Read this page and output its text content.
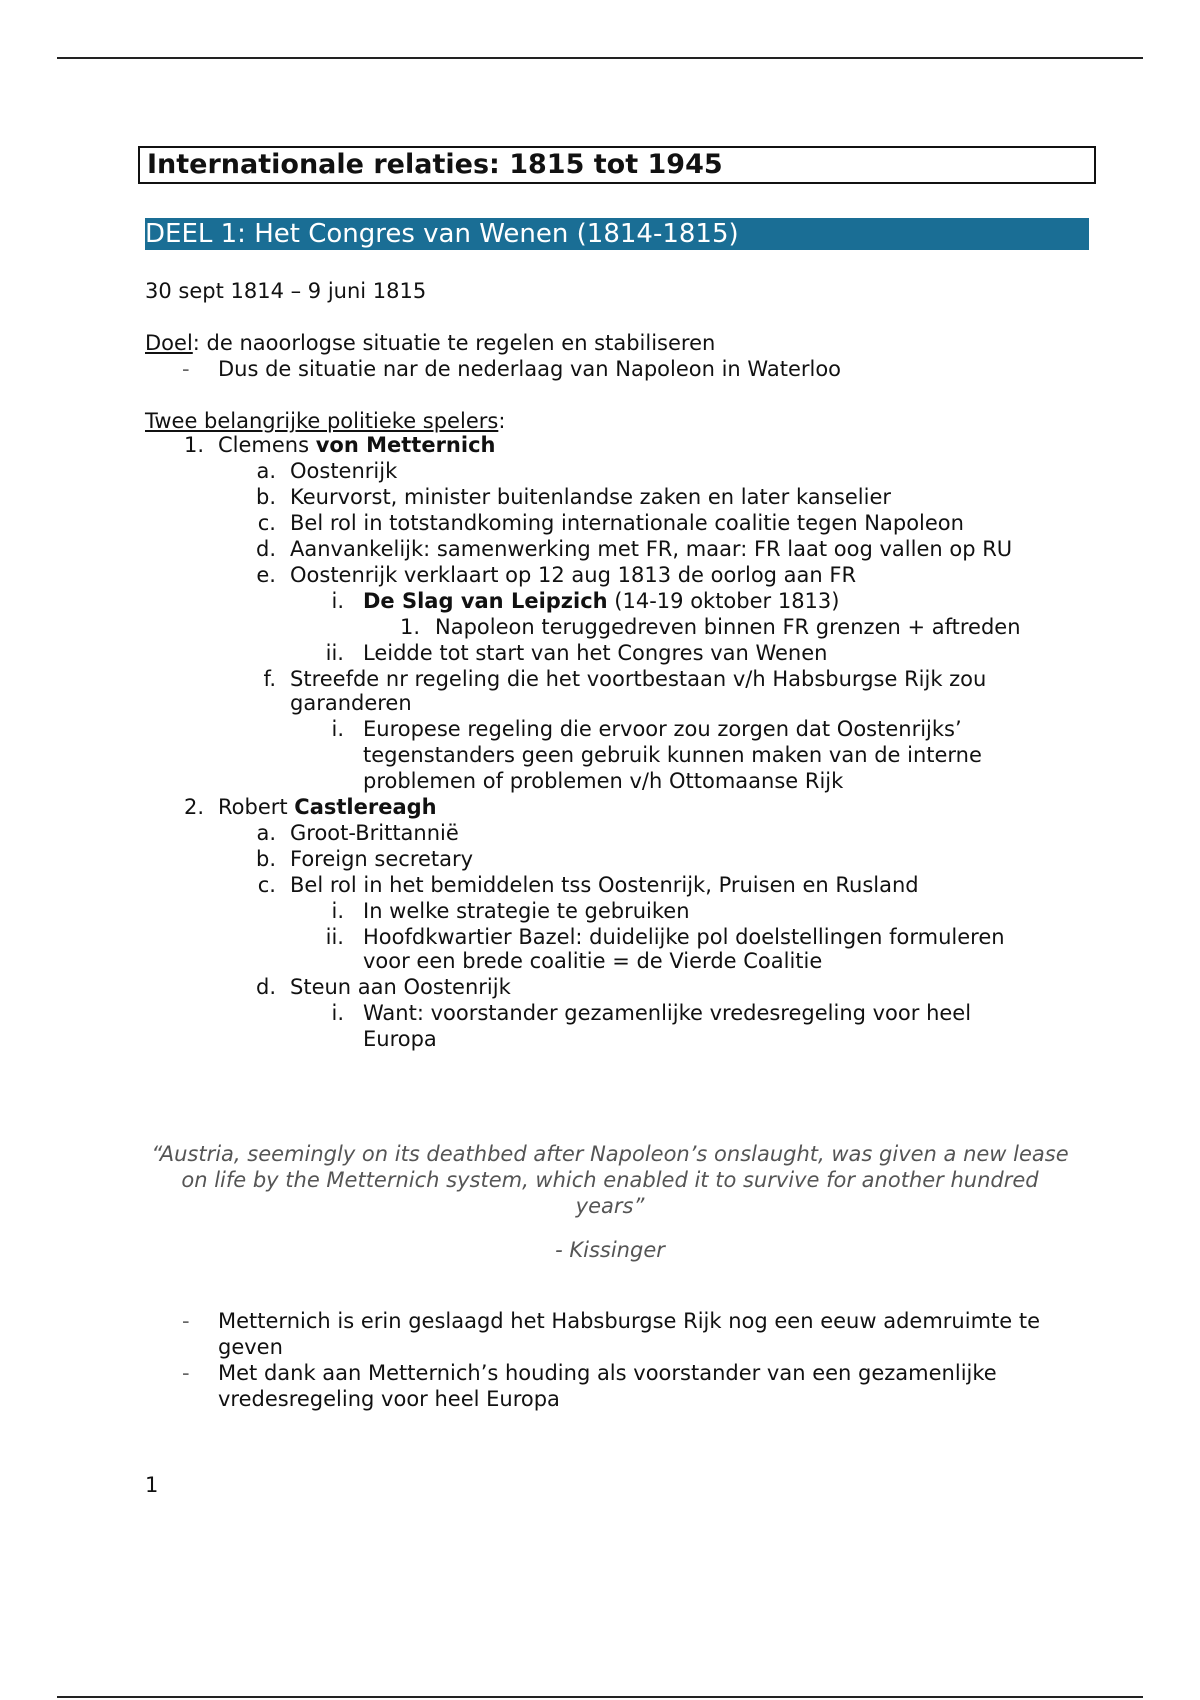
Internationale relaties: 1815 tot 1945
DEEL 1: Het Congres van Wenen (1814-1815)

30 sept 1814 – 9 juni 1815

Doel: de naoorlogse situatie te regelen en stabiliseren

- Dus de situatie nar de nederlaag van Napoleon in Waterloo

Twee belangrijke politieke spelers:

1. Clemens von Metternich

a. Oostenrijk

b. Keurvorst, minister buitenlandse zaken en later kanselier

c. Bel rol in totstandkoming internationale coalitie tegen Napoleon

d. Aanvankelijk: samenwerking met FR, maar: FR laat oog vallen op RU

e. Oostenrijk verklaart op 12 aug 1813 de oorlog aan FR

i. De Slag van Leipzich (14-19 oktober 1813)

1. Napoleon teruggedreven binnen FR grenzen + aftreden

ii. Leidde tot start van het Congres van Wenen

f. Streefde nr regeling die het voortbestaan v/h Habsburgse Rijk zou

garanderen

i. Europese regeling die ervoor zou zorgen dat Oostenrijks’

tegenstanders geen gebruik kunnen maken van de interne

problemen of problemen v/h Ottomaanse Rijk

2. Robert Castlereagh

a. Groot-Brittannië

b. Foreign secretary

c. Bel rol in het bemiddelen tss Oostenrijk, Pruisen en Rusland

i. In welke strategie te gebruiken

ii. Hoofdkwartier Bazel: duidelijke pol doelstellingen formuleren

voor een brede coalitie = de Vierde Coalitie

d. Steun aan Oostenrijk

i. Want: voorstander gezamenlijke vredesregeling voor heel

Europa

“Austria, seemingly on its deathbed after Napoleon’s onslaught, was given a new lease on life by the Metternich system, which enabled it to survive for another hundred years”

- Kissinger

- Metternich is erin geslaagd het Habsburgse Rijk nog een eeuw ademruimte te

geven

- Met dank aan Metternich’s houding als voorstander van een gezamenlijke

vredesregeling voor heel Europa

1
